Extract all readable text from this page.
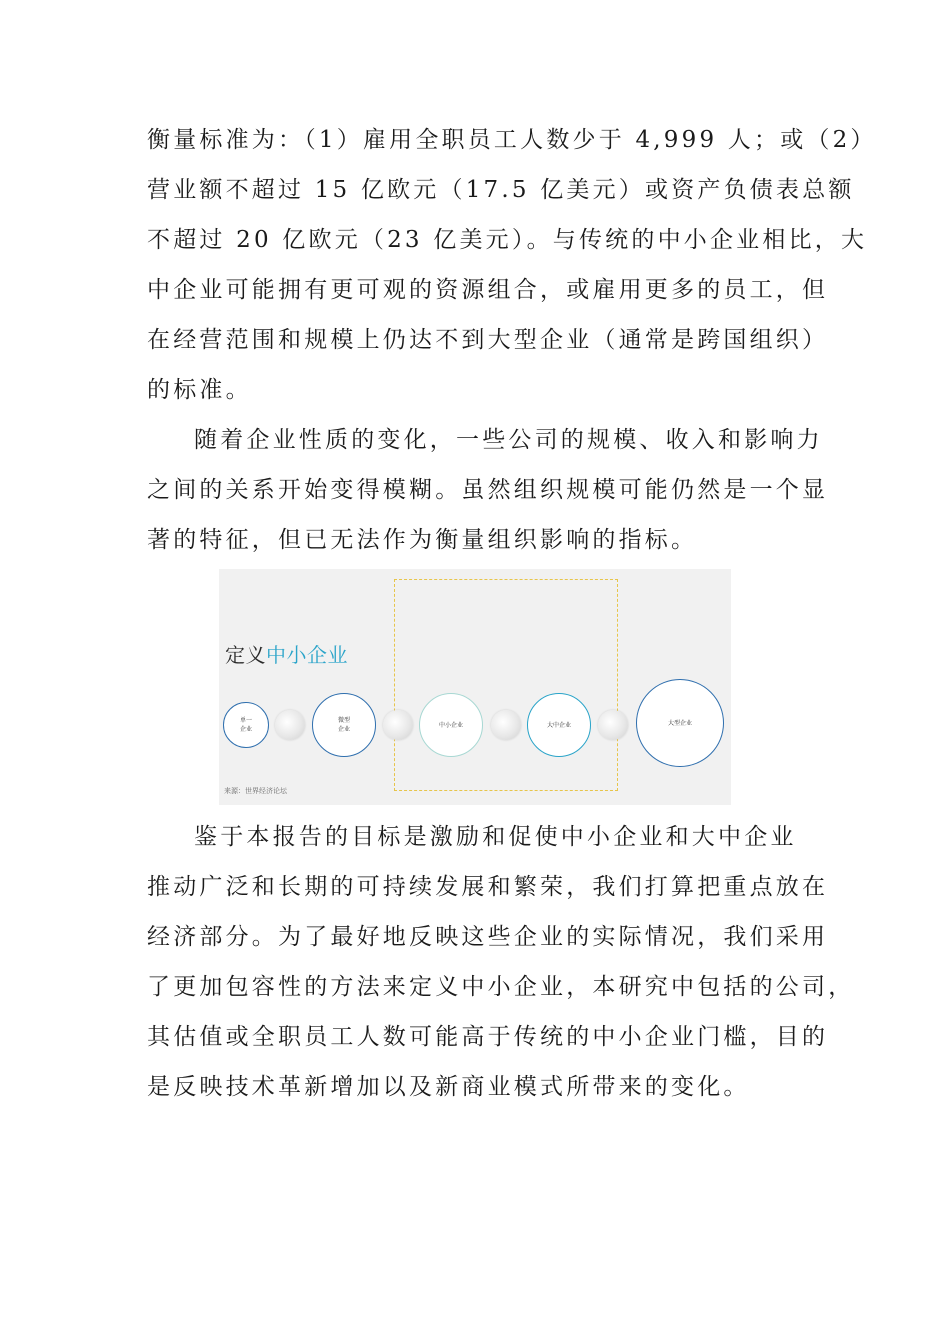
衡量标准为：（1）雇用全职员工人数少于 4,999 人；或（2）
营业额不超过 15 亿欧元（17.5 亿美元）或资产负债表总额
不超过 20 亿欧元（23 亿美元）。与传统的中小企业相比，大
中企业可能拥有更可观的资源组合，或雇用更多的员工，但
在经营范围和规模上仍达不到大型企业（通常是跨国组织）
的标准。
随着企业性质的变化，一些公司的规模、收入和影响力
之间的关系开始变得模糊。虽然组织规模可能仍然是一个显
著的特征，但已无法作为衡量组织影响的指标。
定义中小企业
单一
企业
微型
企业
中小企业	大中企业	大型企业
来源：世界经济论坛
鉴于本报告的目标是激励和促使中小企业和大中企业
推动广泛和长期的可持续发展和繁荣，我们打算把重点放在
经济部分。为了最好地反映这些企业的实际情况，我们采用
了更加包容性的方法来定义中小企业，本研究中包括的公司，
其估值或全职员工人数可能高于传统的中小企业门槛，目的
是反映技术革新增加以及新商业模式所带来的变化。
